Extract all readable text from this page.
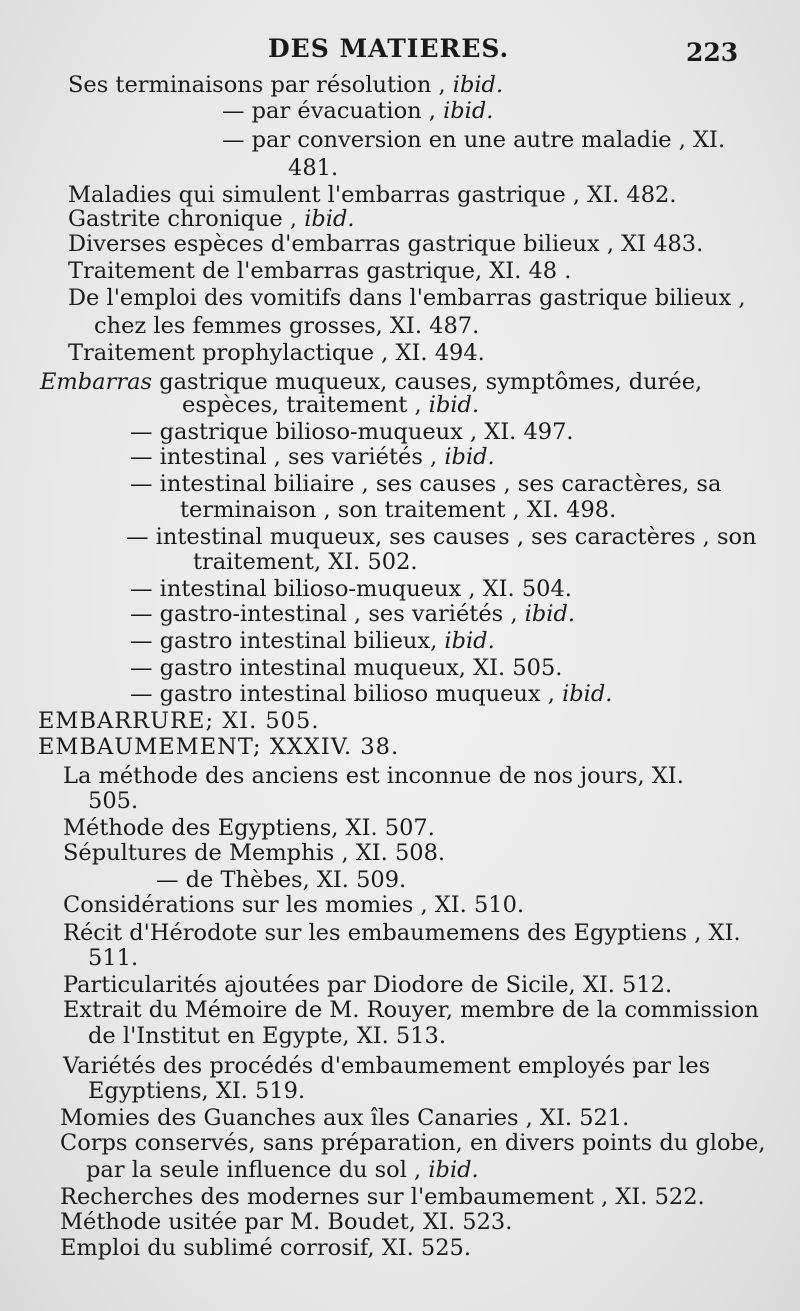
DES MATIERES.	223
Ses terminaisons par résolution , ibid.
— par évacuation , ibid.
— par conversion en une autre maladie , XI.
481.
Maladies qui simulent l'embarras gastrique , XI. 482.
Gastrite chronique , ibid.
Diverses espèces d'embarras gastrique bilieux , XI 483.
Traitement de l'embarras gastrique, XI. 48 .
De l'emploi des vomitifs dans l'embarras gastrique bilieux ,
chez les femmes grosses, XI. 487.
Traitement prophylactique , XI. 494.
Embarras gastrique muqueux, causes, symptômes, durée,
espèces, traitement , ibid.
— gastrique bilioso-muqueux , XI. 497.
— intestinal , ses variétés , ibid.
— intestinal biliaire , ses causes , ses caractères, sa
terminaison , son traitement , XI. 498.
— intestinal muqueux, ses causes , ses caractères , son
traitement, XI. 502.
— intestinal bilioso-muqueux , XI. 504.
— gastro-intestinal , ses variétés , ibid.
— gastro intestinal bilieux, ibid.
— gastro intestinal muqueux, XI. 505.
— gastro intestinal bilioso muqueux , ibid.
EMBARRURE; XI. 505.
EMBAUMEMENT; XXXIV. 38.
La méthode des anciens est inconnue de nos jours, XI.
505.
Méthode des Egyptiens, XI. 507.
Sépultures de Memphis , XI. 508.
— de Thèbes, XI. 509.
Considérations sur les momies , XI. 510.
Récit d'Hérodote sur les embaumemens des Egyptiens , XI.
511.
Particularités ajoutées par Diodore de Sicile, XI. 512.
Extrait du Mémoire de M. Rouyer, membre de la commission
de l'Institut en Egypte, XI. 513.
Variétés des procédés d'embaumement employés par les
Egyptiens, XI. 519.
Momies des Guanches aux îles Canaries , XI. 521.
Corps conservés, sans préparation, en divers points du globe,
par la seule influence du sol , ibid.
Recherches des modernes sur l'embaumement , XI. 522.
Méthode usitée par M. Boudet, XI. 523.
Emploi du sublimé corrosif, XI. 525.
